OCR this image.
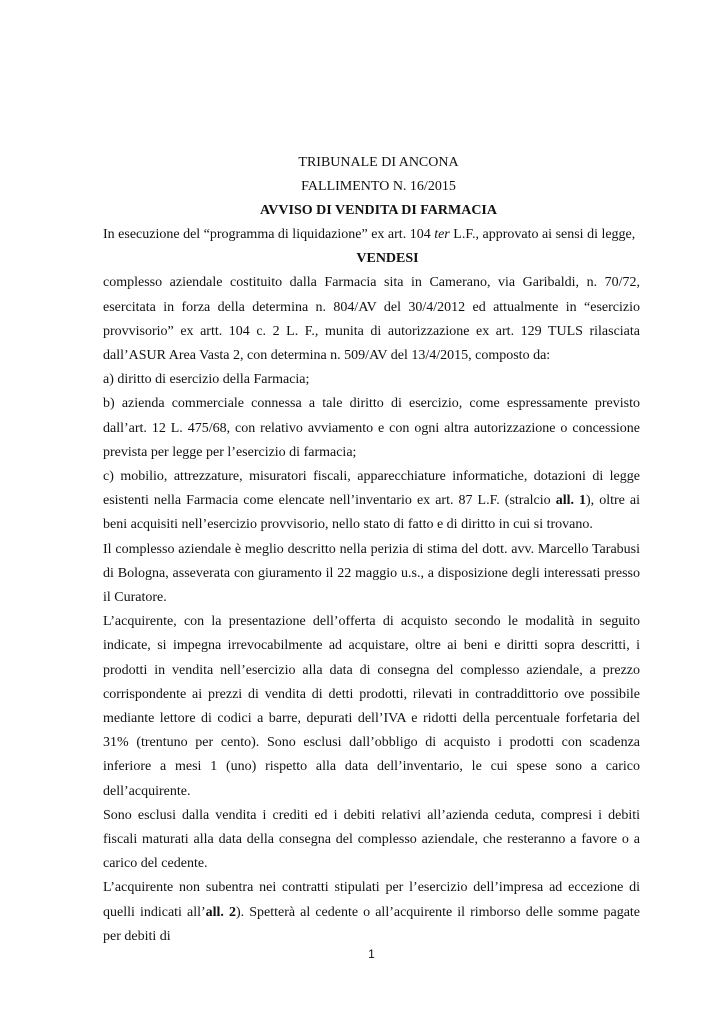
TRIBUNALE DI ANCONA
FALLIMENTO N. 16/2015
AVVISO DI VENDITA DI FARMACIA

In esecuzione del “programma di liquidazione” ex art. 104 ter L.F., approvato ai sensi di legge,

VENDESI

complesso aziendale costituito dalla Farmacia sita in Camerano, via Garibaldi, n. 70/72, esercitata in forza della determina n. 804/AV del 30/4/2012 ed attualmente in “esercizio provvisorio” ex artt. 104 c. 2 L. F., munita di autorizzazione ex art. 129 TULS rilasciata dall’ASUR Area Vasta 2, con determina n. 509/AV del 13/4/2015, composto da:

a) diritto di esercizio della Farmacia;

b) azienda commerciale connessa a tale diritto di esercizio, come espressamente previsto dall’art. 12 L. 475/68, con relativo avviamento e con ogni altra autorizzazione o concessione prevista per legge per l’esercizio di farmacia;

c) mobilio, attrezzature, misuratori fiscali, apparecchiature informatiche, dotazioni di legge esistenti nella Farmacia come elencate nell’inventario ex art. 87 L.F. (stralcio all. 1), oltre ai beni acquisiti nell’esercizio provvisorio, nello stato di fatto e di diritto in cui si trovano.

Il complesso aziendale è meglio descritto nella perizia di stima del dott. avv. Marcello Tarabusi di Bologna, asseverata con giuramento il 22 maggio u.s., a disposizione degli interessati presso il Curatore.

L’acquirente, con la presentazione dell’offerta di acquisto secondo le modalità in seguito indicate, si impegna irrevocabilmente ad acquistare, oltre ai beni e diritti sopra descritti, i prodotti in vendita nell’esercizio alla data di consegna del complesso aziendale, a prezzo corrispondente ai prezzi di vendita di detti prodotti, rilevati in contraddittorio ove possibile mediante lettore di codici a barre, depurati dell’IVA e ridotti della percentuale forfetaria del 31% (trentuno per cento). Sono esclusi dall’obbligo di acquisto i prodotti con scadenza inferiore a mesi 1 (uno) rispetto alla data dell’inventario, le cui spese sono a carico dell’acquirente.

Sono esclusi dalla vendita i crediti ed i debiti relativi all’azienda ceduta, compresi i debiti fiscali maturati alla data della consegna del complesso aziendale, che resteranno a favore o a carico del cedente.

L’acquirente non subentra nei contratti stipulati per l’esercizio dell’impresa ad eccezione di quelli indicati all’all. 2). Spetterà al cedente o all’acquirente il rimborso delle somme pagate per debiti di

1
